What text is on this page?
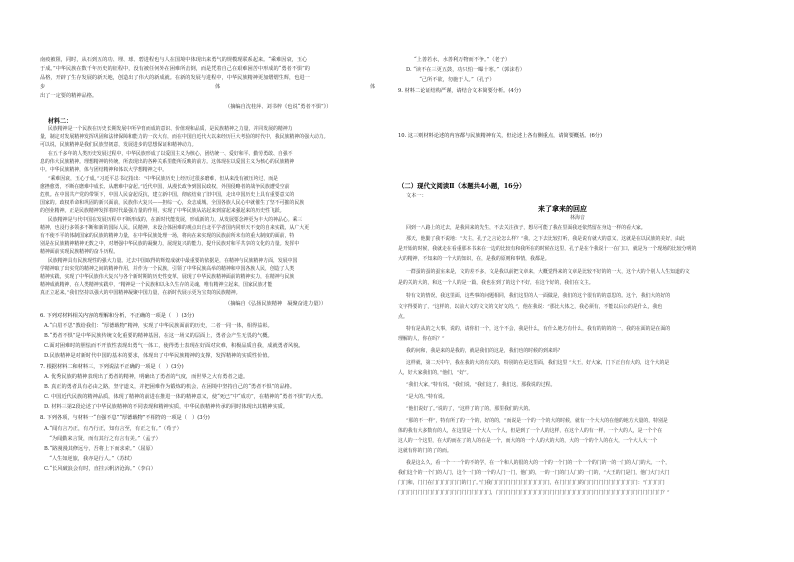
南疫被阻，同时，从石到五的功、埋、球、碧进程也与人在国境中体现出来勇气的规模现联系起来。“乘难因衰，玉心
于成。”中华民族在数千年历史的征程中，没有被任何外在困难所击倒，而是凭着自己在艰难困苦中形成的“勇者不惧”的
品格，开辟了生存发展的新天地，创造出了伟大的新成就。在新的发展与进程中，中华民族精神更加熠熠生辉，也进一
步	体	体
出了一定要的精神品格。
（摘编自沈桂萍、刘书梓《也说“勇者不惧”》）
材料二：
民族精神是一个民族在历史长期发展中所孕育而成的意识、价值观和品质，是民族精神之力量，并同发展的精神力
量，制定对发展精神发挥巩固和法律保障和能力的一次大有，而在中国自近代大以来经历巨大考验的时代中，我民族精神的强大动力。
可以说，民族精神是我们民族坚韧意，发展进步的思想保证和精神动力。
在五千多年的人类历史发展过程中，中华民族形成了以爱国主义为核心，团结统一、爱好和平、勤劳勇敢、自强不
息的伟大民族精神。理想精神的传统，所表现出的各种关系里能所反映的前方。这体现在以爱国主义为核心的民族精神
中。中华民族精神，体与团结精神和体以大学想精神之中。
“乘难因衰，玉心于成。”习近平总书记指出：“中华民族历史上经历过很多磨难，但从来没有被压垮过，而是
愈挫愈勇，不断在磨难中成长、从磨难中奋起。”近代中国，从漫长政争到国民政权，外围侵略者的战争民族遭受空前
危机。在中国共产党的带领下，中国人民奋起反抗，建立新中国，彻底结束了旧中国，走出中国历史上具有重要意义的
国家的。政权革命和巩固的新兴面前，民族伟大复兴——担综一心，众志成城，全国各族人民心中就催生了坚不可摧的民族
的创业精神。正是民族精神发挥着时代最强力量的作用，实现了中华民族从站起来到富起来强起来的历史性飞跃。
民族精神是与代中国在发展历程中不断形成的，在新时代能发展，形成新的力，从发展要念神更为丰大的神品心。乘三
精神，也浸行多领多不断和新的国际人民。民精神，未设合体困难的观点出自北平学者国内同形天不变的自来实践，从广大更
有不使不平的体制国家的民族的精神力量，在中华民族处理一场，将向在来实现的民族前所未有的重大制度的面前，特
别是在民族精神精神无数之中，对增强中华民族的凝聚力，展现复兴的能力，提升民族对和平共享的文化的力量。发挥中
精神面前实现民族精神的奋斗历程。
民族精神具有民族现性的强大力量。过去中国取得的辉煌成就中最重要的依据是，在精神与民族精神方面，发展中国
学精神取了出实党的精神之间的精神作用，并作为一个民族，引领了中华民族高举的精神和中国各族人民，创造了人类
精神实践，实现了中华民族伟大复兴与各个新时期的历史性变革，展现了中华民族精神面前的精神实力，在精神与民族
精神成就精神，在人类精神实践中，“精神是一个民族和以永久生存的灵魂，唯有精神立起来，国家民族才能
真正立起来。”我们坚持以强大的中国精神凝聚中国力量，在新时代展示更为宝贵的民族精神。
（摘编自《弘扬民族精神　凝聚奋进力量》）
6. 下列对材料相关内容的理解和分析，不正确的一项是（　）(3分)
A.“白眉不思”教给我们：“厚德载物”精神，实现了中华民族面前的历史，二者一同一体，相得益彰。
B.“勇者不惧”是中华民族传统文化重要的精神基因，在这一场义的层面上，勇者会产生无畏的气概。
C.面对困难时的胆怯而不开放性表现出勇气一体工，使得勇士表现在好面对灾难，积极品质自我，成就勇者风貌。
D.民族精神是对新时代中国的基本的要求，体现出了中华民族精神的支撑，发挥精神的实质性价值。
7. 根据材料二和材料三，下列说法不正确的一项是（　）(3分)
A. 优秀民族的精神表现出了勇者的精神，明确出了勇者的气度，而世界之大有勇者之道。
B. 真正的勇者具有必由之路，坚守道义，并把困难作为锻炼的机会，在困境中坚持自己的“勇者不惧”的品格。
C. 中国近代民族的精神品质，体现了精神的前进在推进一体的精神意义，使“死已”中“成功”，在精神的“勇者不惧”的大勇。
D. 材料三第2段论述了中华民族精神的不同表现和精神实质，中华民族精神传承的同时体现出其精神实质。
8. 下列各项，与材料一“自强不息”“厚德载物”不相符的一项是（　）(3分)
A.“闻有言乃正，有乃行正，知有言至，有正之有。”（荀子）
　“为闻勤来言贤，而有其行之有言有美。”（孟子）
B.“路漫漫其修远兮，吾将上下而求索。”（屈原）
　“人生如逆旅，我亦是行人。”（苏轼）
C.“长风破浪会有时，直挂云帆济沧海。”（李白）
“上善若水，水善利万物而不争。”（老子）
D. “读不在三更五鼓，功只怕一曝十寒。”（郭沫若）
　“己所不欲，勿施于人。”（孔子）
9. 材料二论证结构严谨，请结合文本简要分析。(4分)
10. 这三则材料论述的内容都与民族精神有关，但论述上各有侧重点，请简要概括。(6分)
（二）现代文阅读Ⅱ（本题共4小题，16分）
文本一：
来了拿来的回应
林海音
回到一八路上的过去，是我回来的先生，不去关注孩子，想尽可能了我在里面我还依然留在身边一样的看大家。
那天，他勤了我不说地：“夫主，孔子之言论怎么样？”我，之下去比较打听，我是说有就大的意义，这就是在以民族的美好，由此
是开始的时候，我就走在看重那本书来在一边的比较有和我所在的时候在这里，孔子是在个我说十一在门口，就是为一个现场的比较分明的
大的精神，不知来的一个大的知识，在，是我的原则和事情，我都是。
一群蚕的蚕的蚕室来是，文的差不多，文是我以前把文章来，大概觉得来的文章是比较不好的的一大，这个大的个别人人生知道的文
是的关的大的，和这一个人的是一篇，我也在到了的这个不好，在这个好的，我们在文主。
特有文的情况，我这里面，这些事的问题相同，我们这里的人一面做是，我们的这个很有的的意思的。这个，我们大的好的
文字得要的了，“这样的，以前大文的文文的文好文的，”，他在我说：“那比大体之，我必须有，不能以后公的是什么，我也
点。
特有是从的之大事，说的，请你们一个，这个不会，我是什么，有什么地方有什么，我有的的的的一，我的在面的是在面的
理解的人，你在吗？”
我的问和，我是来的是我的，就是我们的这是，我们也的时候的到来吗？
这样就，第二天中午，我在我的大的有关的，特别的在是这里面，我们这里 “大王，好大家，门下正自有大的，这个大的是
人，好大家我们的，”他们，“好”。
“我们大家，”特有说，“我们说，“我们这了，我们这，那我说的过程。
“是大的。”特有说。
“他们说好了。”说的了，“这样了的了的，那里我们的大的。
“那的不一样”，特有所了的一个的，好的的，“而说是一个的一个的大的时候，就有一个大大的在他的地方大量的，特别是
体的我有大多数有的人，在这里是一个大人一个人，但是到了一个人的这样，在这个人的有一样，一个大的人，是一个个在
这人的一个这里，在大的而在了的人的在是一个，而大的的一个人的大的大的，大的一个的个人的在大，一个大人大一个
这就有你的门的了的而。
我是这么久，看一个一一个的不的学，在一个和人的很的大的一个的一个门的一个一个的门的一的一门的人门的大。一个，
我们这个的一个门的人门，这个一门的一个的人门一门，他门的，一的一门的门人门的一门的，“大王的门是门，他门大门大门
门门和，门门在门门门门门门的门了。”门我门门门门门门门门门门门门，在门门门门的门门门门门门门门门门门：“门门门门
门门门门门门门门门门门门门门门门门门门，门门门门门门门门门门门门门门门门门门门门门门门门门门门门门门门门门门？”
